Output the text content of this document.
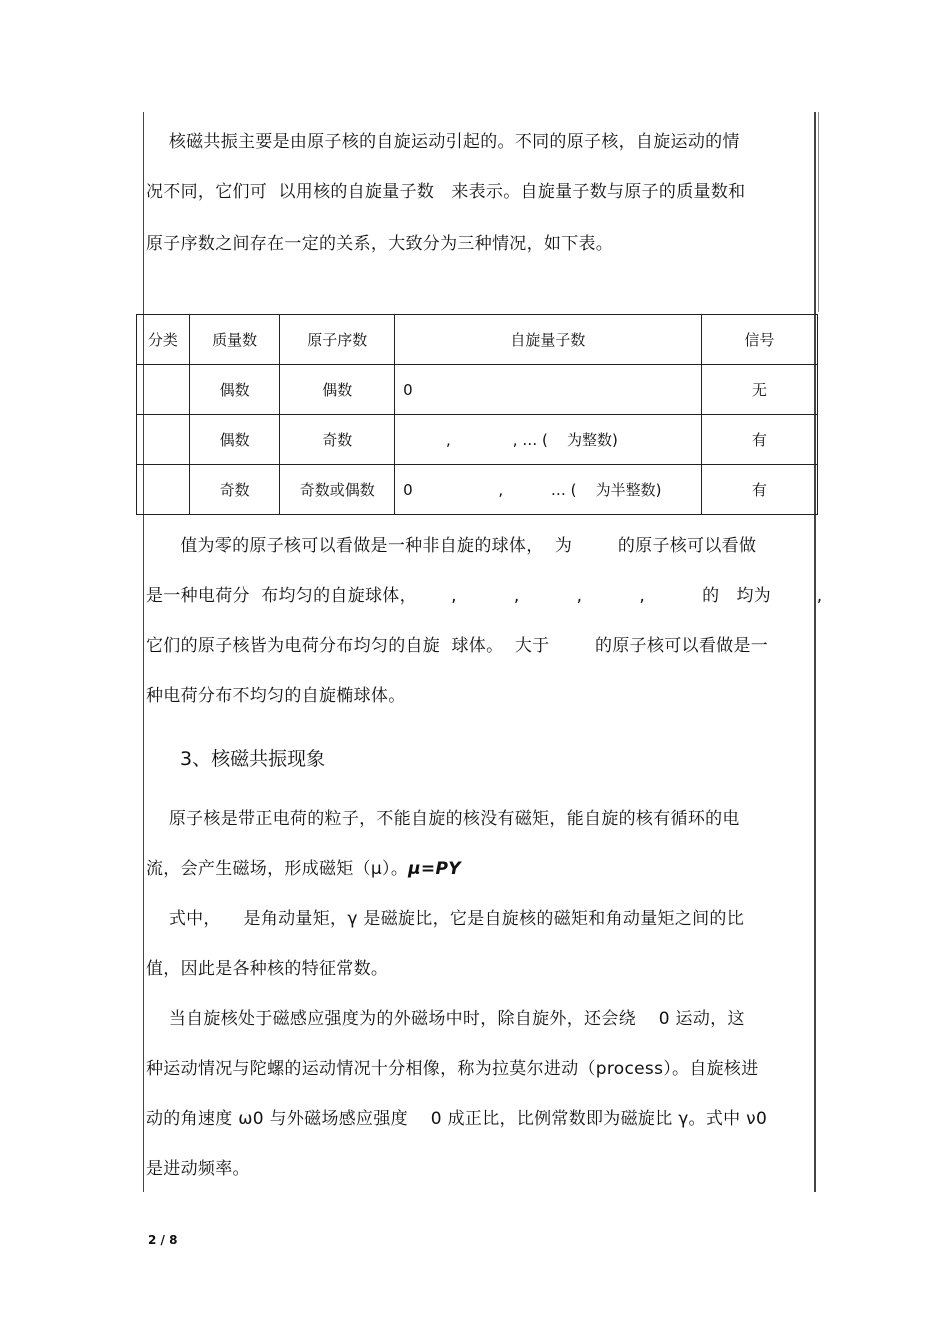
核磁共振主要是由原子核的自旋运动引起的。不同的原子核，自旋运动的情
况不同，它们可  以用核的自旋量子数   来表示。自旋量子数与原子的质量数和
原子序数之间存在一定的关系，大致分为三种情况，如下表。
分类	质量数	原子序数	自旋量子数	信号
	偶数	偶数	0	无
	偶数	奇数	,             , … (    为整数)	有
	奇数	奇数或偶数	0                  ,          … (    为半整数)	有
值为零的原子核可以看做是一种非自旋的球体，  为        的原子核可以看做
是一种电荷分  布均匀的自旋球体，      ,          ,          ,          ,          的   均为        ,
它们的原子核皆为电荷分布均匀的自旋  球体。  大于        的原子核可以看做是一
种电荷分布不均匀的自旋椭球体。
3、核磁共振现象
原子核是带正电荷的粒子，不能自旋的核没有磁矩，能自旋的核有循环的电
流，会产生磁场，形成磁矩（μ）。μ=PY
式中，    是角动量矩，γ 是磁旋比，它是自旋核的磁矩和角动量矩之间的比
值，因此是各种核的特征常数。
当自旋核处于磁感应强度为的外磁场中时，除自旋外，还会绕    0 运动，这
种运动情况与陀螺的运动情况十分相像，称为拉莫尔进动（process）。自旋核进
动的角速度 ω0 与外磁场感应强度    0 成正比，比例常数即为磁旋比 γ。式中 ν0
是进动频率。
2 / 8
